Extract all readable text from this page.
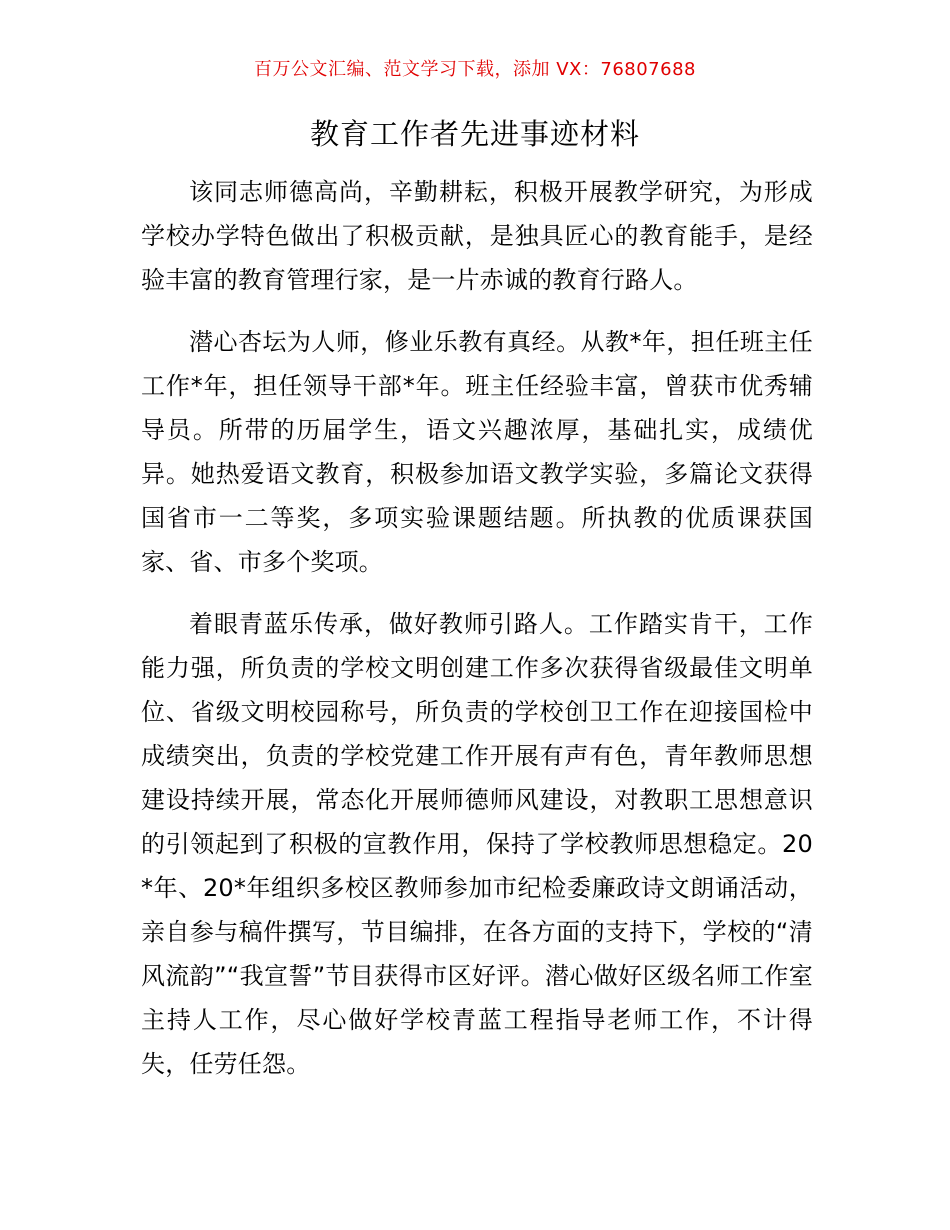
百万公文汇编、范文学习下载，添加 VX：76807688
教育工作者先进事迹材料

该同志师德高尚，辛勤耕耘，积极开展教学研究，为形成学校办学特色做出了积极贡献，是独具匠心的教育能手，是经验丰富的教育管理行家，是一片赤诚的教育行路人。

潜心杏坛为人师，修业乐教有真经。从教*年，担任班主任工作*年，担任领导干部*年。班主任经验丰富，曾获市优秀辅导员。所带的历届学生，语文兴趣浓厚，基础扎实，成绩优异。她热爱语文教育，积极参加语文教学实验，多篇论文获得国省市一二等奖，多项实验课题结题。所执教的优质课获国家、省、市多个奖项。

着眼青蓝乐传承，做好教师引路人。工作踏实肯干，工作能力强，所负责的学校文明创建工作多次获得省级最佳文明单位、省级文明校园称号，所负责的学校创卫工作在迎接国检中成绩突出，负责的学校党建工作开展有声有色，青年教师思想建设持续开展，常态化开展师德师风建设，对教职工思想意识的引领起到了积极的宣教作用，保持了学校教师思想稳定。20*年、20*年组织多校区教师参加市纪检委廉政诗文朗诵活动，亲自参与稿件撰写，节目编排，在各方面的支持下，学校的“清风流韵”“我宣誓”节目获得市区好评。潜心做好区级名师工作室主持人工作，尽心做好学校青蓝工程指导老师工作，不计得失，任劳任怨。
